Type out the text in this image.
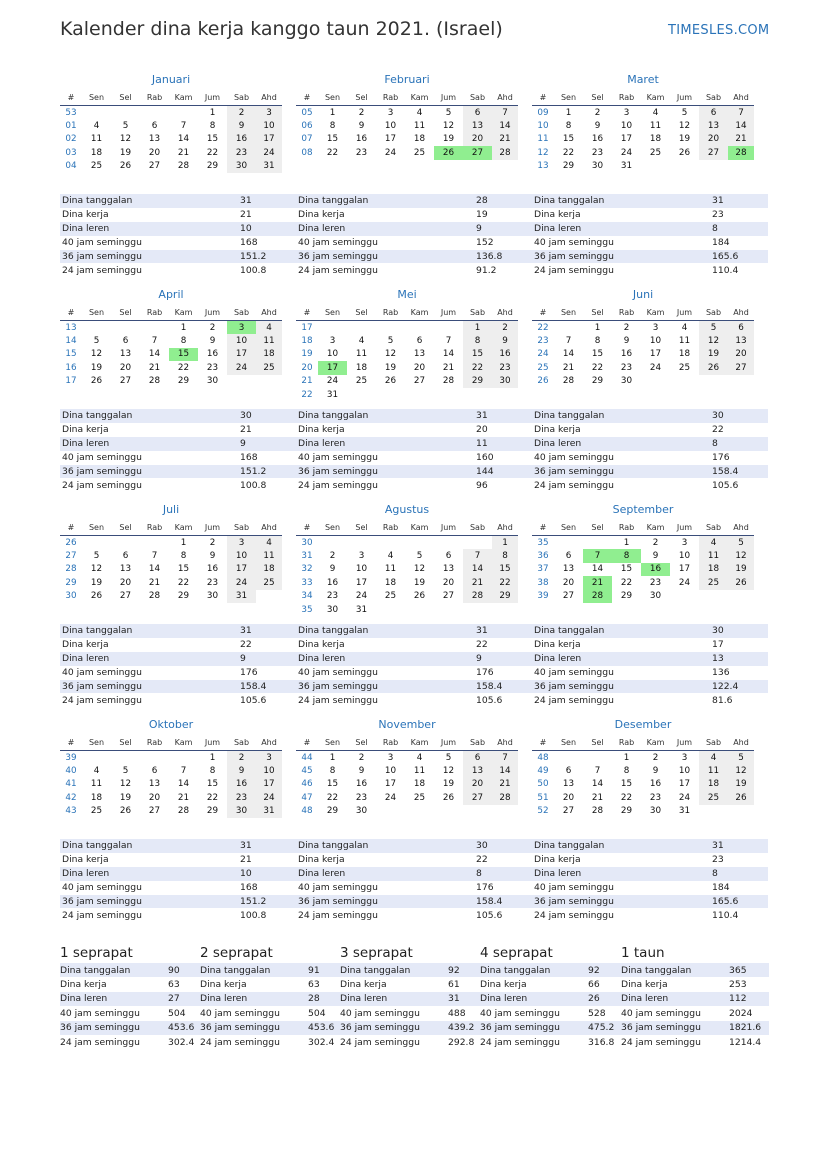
Kalender dina kerja kanggo taun 2021. (Israel)	TIMESLES.COM
Januari
#	Sen	Sel	Rab	Kam	Jum	Sab	Ahd
53					1	2	3
01	4	5	6	7	8	9	10
02	11	12	13	14	15	16	17
03	18	19	20	21	22	23	24
04	25	26	27	28	29	30	31
Dina tanggalan	31
Dina kerja	21
Dina leren	10
40 jam seminggu	168
36 jam seminggu	151.2
24 jam seminggu	100.8
Februari
#	Sen	Sel	Rab	Kam	Jum	Sab	Ahd
05	1	2	3	4	5	6	7
06	8	9	10	11	12	13	14
07	15	16	17	18	19	20	21
08	22	23	24	25	26	27	28
Dina tanggalan	28
Dina kerja	19
Dina leren	9
40 jam seminggu	152
36 jam seminggu	136.8
24 jam seminggu	91.2
Maret
#	Sen	Sel	Rab	Kam	Jum	Sab	Ahd
09	1	2	3	4	5	6	7
10	8	9	10	11	12	13	14
11	15	16	17	18	19	20	21
12	22	23	24	25	26	27	28
13	29	30	31				
Dina tanggalan	31
Dina kerja	23
Dina leren	8
40 jam seminggu	184
36 jam seminggu	165.6
24 jam seminggu	110.4
April
#	Sen	Sel	Rab	Kam	Jum	Sab	Ahd
13				1	2	3	4
14	5	6	7	8	9	10	11
15	12	13	14	15	16	17	18
16	19	20	21	22	23	24	25
17	26	27	28	29	30		
Dina tanggalan	30
Dina kerja	21
Dina leren	9
40 jam seminggu	168
36 jam seminggu	151.2
24 jam seminggu	100.8
Mei
#	Sen	Sel	Rab	Kam	Jum	Sab	Ahd
17						1	2
18	3	4	5	6	7	8	9
19	10	11	12	13	14	15	16
20	17	18	19	20	21	22	23
21	24	25	26	27	28	29	30
22	31						
Dina tanggalan	31
Dina kerja	20
Dina leren	11
40 jam seminggu	160
36 jam seminggu	144
24 jam seminggu	96
Juni
#	Sen	Sel	Rab	Kam	Jum	Sab	Ahd
22		1	2	3	4	5	6
23	7	8	9	10	11	12	13
24	14	15	16	17	18	19	20
25	21	22	23	24	25	26	27
26	28	29	30				
Dina tanggalan	30
Dina kerja	22
Dina leren	8
40 jam seminggu	176
36 jam seminggu	158.4
24 jam seminggu	105.6
Juli
#	Sen	Sel	Rab	Kam	Jum	Sab	Ahd
26				1	2	3	4
27	5	6	7	8	9	10	11
28	12	13	14	15	16	17	18
29	19	20	21	22	23	24	25
30	26	27	28	29	30	31	
Dina tanggalan	31
Dina kerja	22
Dina leren	9
40 jam seminggu	176
36 jam seminggu	158.4
24 jam seminggu	105.6
Agustus
#	Sen	Sel	Rab	Kam	Jum	Sab	Ahd
30							1
31	2	3	4	5	6	7	8
32	9	10	11	12	13	14	15
33	16	17	18	19	20	21	22
34	23	24	25	26	27	28	29
35	30	31					
Dina tanggalan	31
Dina kerja	22
Dina leren	9
40 jam seminggu	176
36 jam seminggu	158.4
24 jam seminggu	105.6
September
#	Sen	Sel	Rab	Kam	Jum	Sab	Ahd
35			1	2	3	4	5
36	6	7	8	9	10	11	12
37	13	14	15	16	17	18	19
38	20	21	22	23	24	25	26
39	27	28	29	30			
Dina tanggalan	30
Dina kerja	17
Dina leren	13
40 jam seminggu	136
36 jam seminggu	122.4
24 jam seminggu	81.6
Oktober
#	Sen	Sel	Rab	Kam	Jum	Sab	Ahd
39					1	2	3
40	4	5	6	7	8	9	10
41	11	12	13	14	15	16	17
42	18	19	20	21	22	23	24
43	25	26	27	28	29	30	31
Dina tanggalan	31
Dina kerja	21
Dina leren	10
40 jam seminggu	168
36 jam seminggu	151.2
24 jam seminggu	100.8
November
#	Sen	Sel	Rab	Kam	Jum	Sab	Ahd
44	1	2	3	4	5	6	7
45	8	9	10	11	12	13	14
46	15	16	17	18	19	20	21
47	22	23	24	25	26	27	28
48	29	30					
Dina tanggalan	30
Dina kerja	22
Dina leren	8
40 jam seminggu	176
36 jam seminggu	158.4
24 jam seminggu	105.6
Desember
#	Sen	Sel	Rab	Kam	Jum	Sab	Ahd
48			1	2	3	4	5
49	6	7	8	9	10	11	12
50	13	14	15	16	17	18	19
51	20	21	22	23	24	25	26
52	27	28	29	30	31		
Dina tanggalan	31
Dina kerja	23
Dina leren	8
40 jam seminggu	184
36 jam seminggu	165.6
24 jam seminggu	110.4
1 seprapat
Dina tanggalan	90
Dina kerja	63
Dina leren	27
40 jam seminggu	504
36 jam seminggu	453.6
24 jam seminggu	302.4
2 seprapat
Dina tanggalan	91
Dina kerja	63
Dina leren	28
40 jam seminggu	504
36 jam seminggu	453.6
24 jam seminggu	302.4
3 seprapat
Dina tanggalan	92
Dina kerja	61
Dina leren	31
40 jam seminggu	488
36 jam seminggu	439.2
24 jam seminggu	292.8
4 seprapat
Dina tanggalan	92
Dina kerja	66
Dina leren	26
40 jam seminggu	528
36 jam seminggu	475.2
24 jam seminggu	316.8
1 taun
Dina tanggalan	365
Dina kerja	253
Dina leren	112
40 jam seminggu	2024
36 jam seminggu	1821.6
24 jam seminggu	1214.4
